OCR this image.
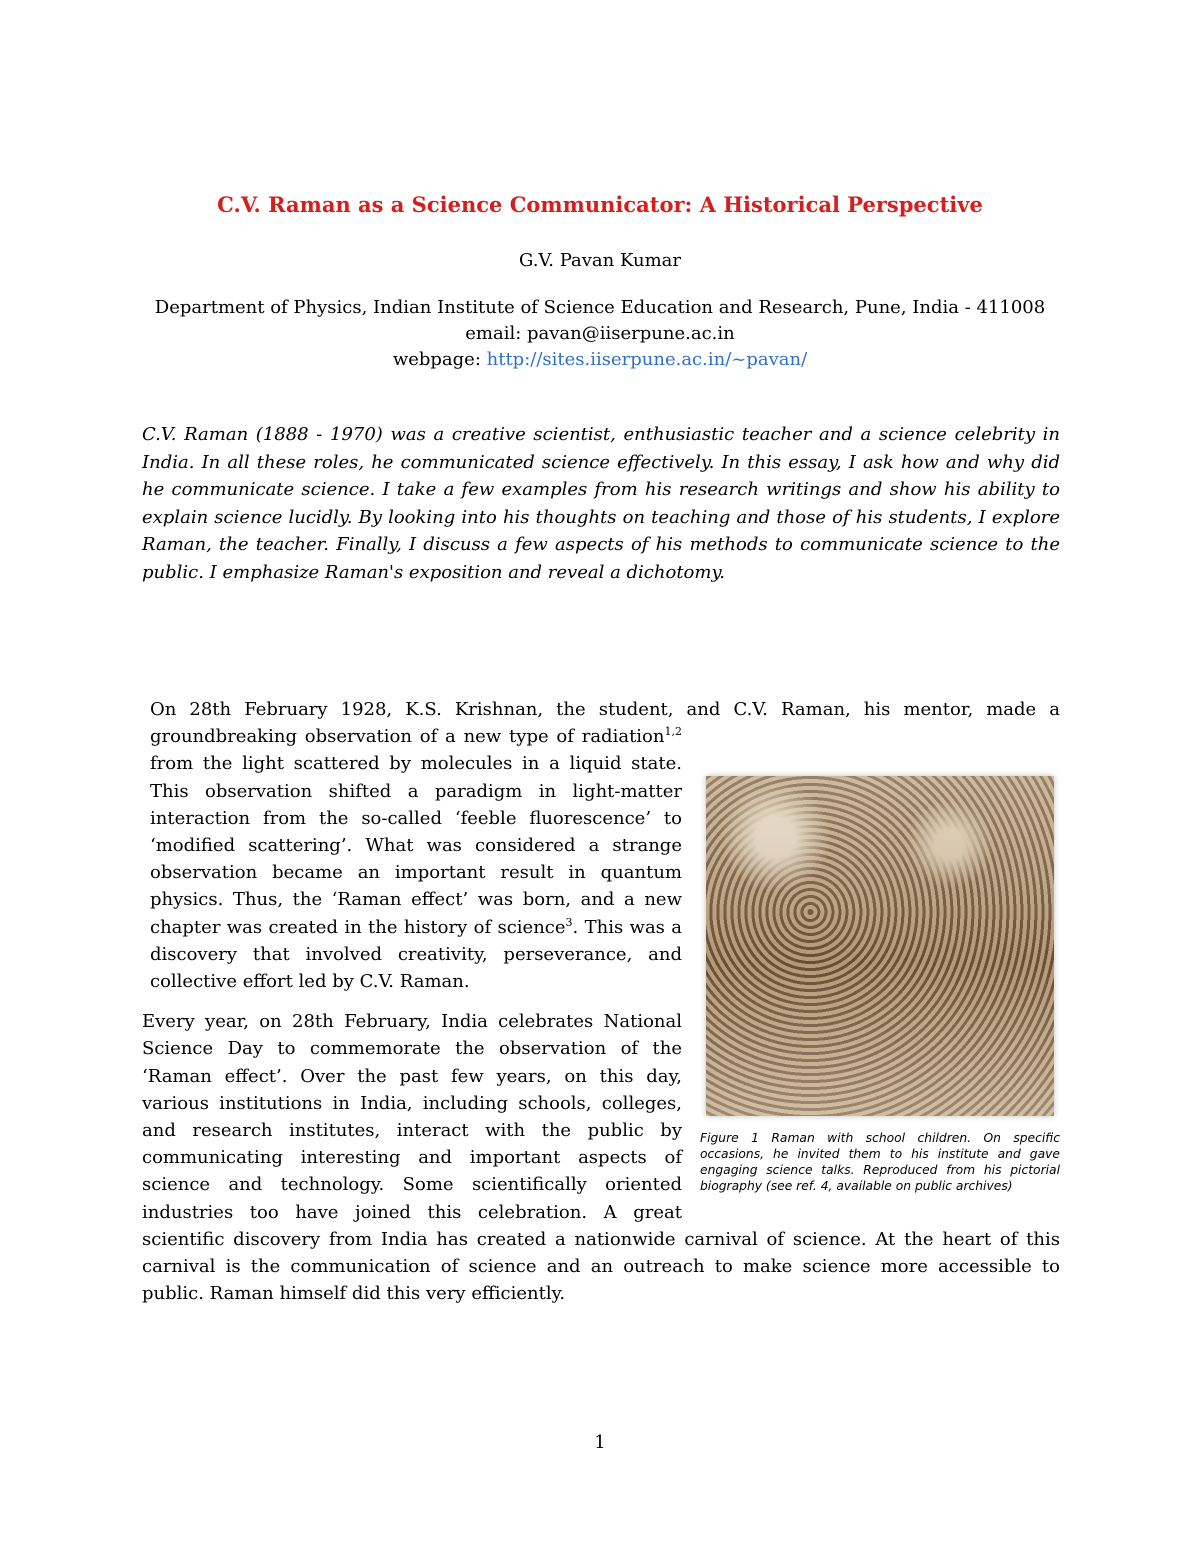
C.V. Raman as a Science Communicator: A Historical Perspective
G.V. Pavan Kumar
Department of Physics, Indian Institute of Science Education and Research, Pune, India - 411008
email: pavan@iiserpune.ac.in
webpage: http://sites.iiserpune.ac.in/~pavan/
C.V. Raman (1888 - 1970) was a creative scientist, enthusiastic teacher and a science celebrity in India. In all these roles, he communicated science effectively. In this essay, I ask how and why did he communicate science. I take a few examples from his research writings and show his ability to explain science lucidly. By looking into his thoughts on teaching and those of his students, I explore Raman, the teacher. Finally, I discuss a few aspects of his methods to communicate science to the public. I emphasize Raman's exposition and reveal a dichotomy.

Figure 1 Raman with school children. On specific occasions, he invited them to his institute and gave engaging science talks. Reproduced from his pictorial biography (see ref. 4, available on public archives)
On 28th February 1928, K.S. Krishnan, the student, and C.V. Raman, his mentor, made a groundbreaking observation of a new type of radiation$^{1,2}$ from the light scattered by molecules in a liquid state. This observation shifted a paradigm in light-matter interaction from the so-called ‘feeble fluorescence’ to ‘modified scattering’. What was considered a strange observation became an important result in quantum physics. Thus, the ‘Raman effect’ was born, and a new chapter was created in the history of science$^3$. This was a discovery that involved creativity, perseverance, and collective effort led by C.V. Raman.

Every year, on 28th February, India celebrates National Science Day to commemorate the observation of the ‘Raman effect’. Over the past few years, on this day, various institutions in India, including schools, colleges, and research institutes, interact with the public by communicating interesting and important aspects of science and technology. Some scientifically oriented industries too have joined this celebration. A great scientific discovery from India has created a nationwide carnival of science. At the heart of this carnival is the communication of science and an outreach to make science more accessible to public. Raman himself did this very efficiently.

1
